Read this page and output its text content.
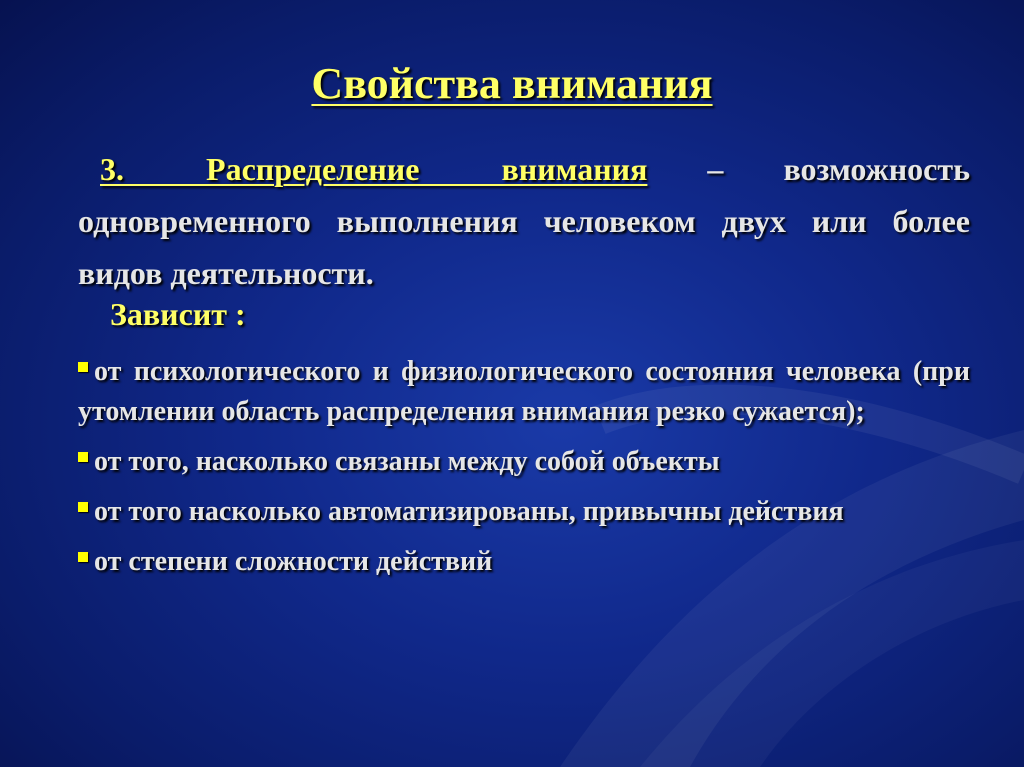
Свойства внимания
3. Распределение внимания – возможность одновременного выполнения человеком двух или более видов деятельности.
Зависит :
от психологического и физиологического состояния человека (при утомлении область распределения внимания резко сужается);
от того, насколько связаны между собой объекты
от того насколько автоматизированы, привычны действия
от степени сложности действий
